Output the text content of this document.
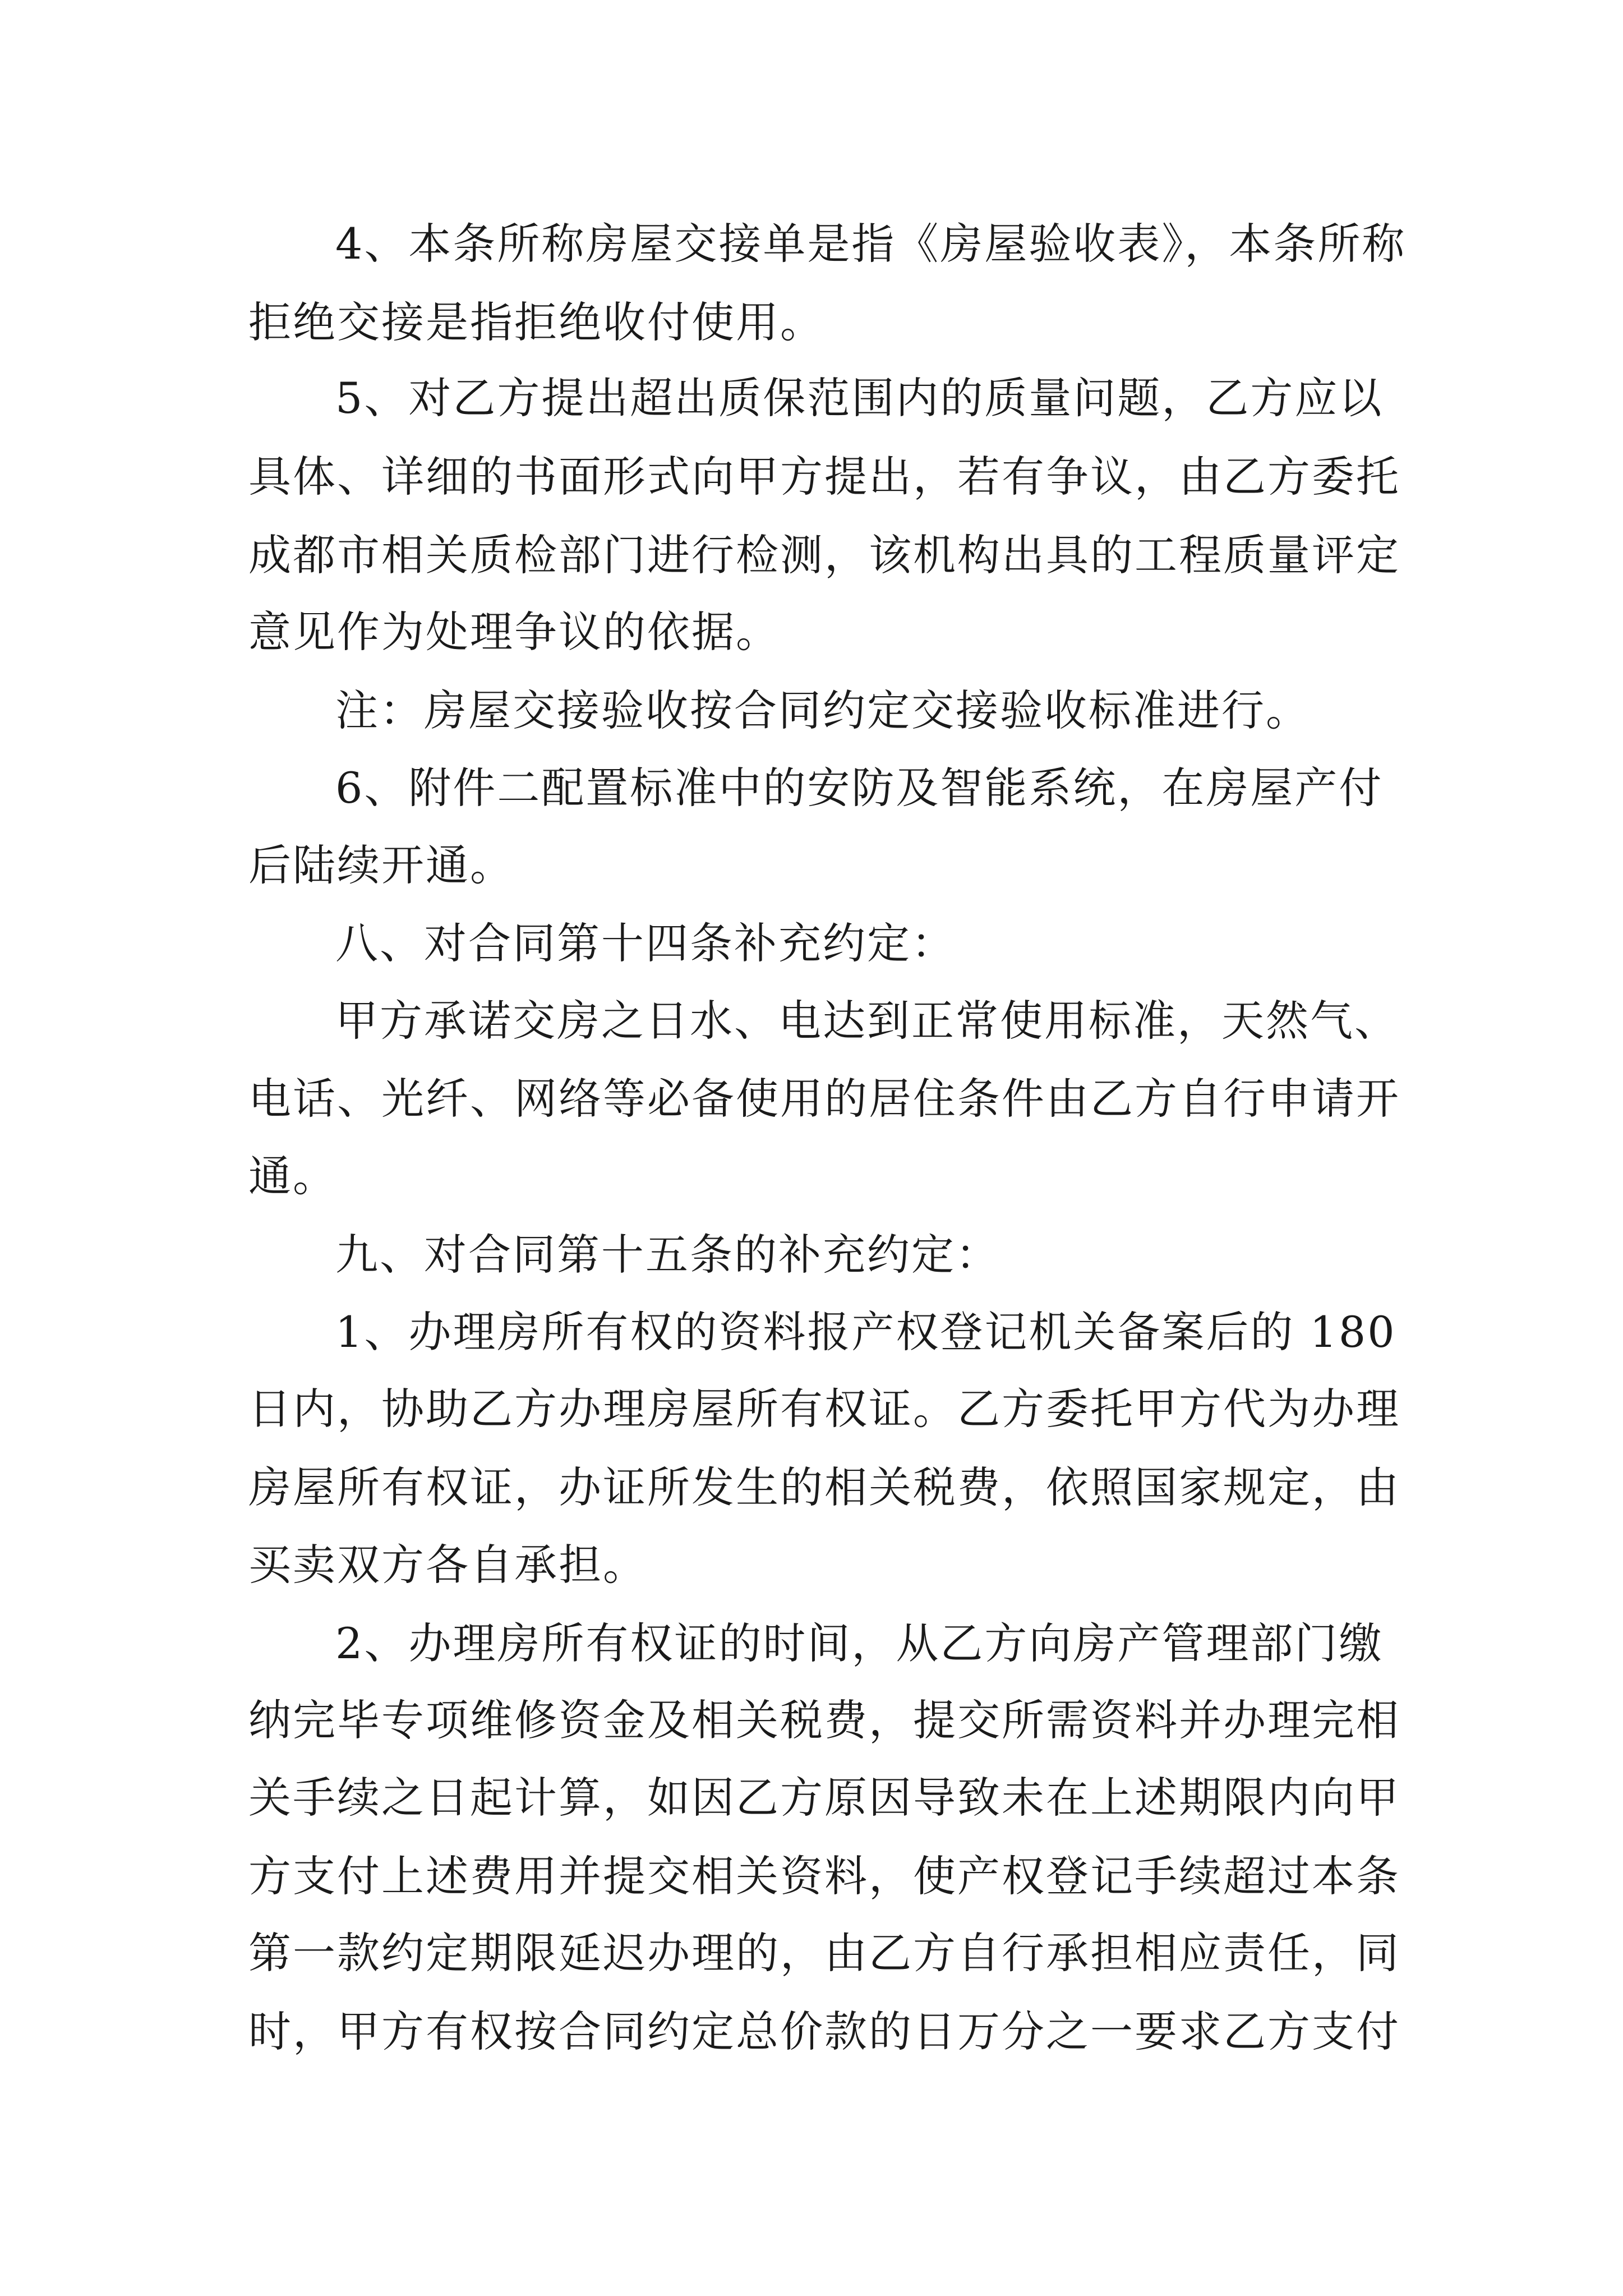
4、本条所称房屋交接单是指《房屋验收表》，本条所称
拒绝交接是指拒绝收付使用。
5、对乙方提出超出质保范围内的质量问题，乙方应以
具体、详细的书面形式向甲方提出，若有争议，由乙方委托
成都市相关质检部门进行检测，该机构出具的工程质量评定
意见作为处理争议的依据。
注：房屋交接验收按合同约定交接验收标准进行。
6、附件二配置标准中的安防及智能系统，在房屋产付
后陆续开通。
八、对合同第十四条补充约定：
甲方承诺交房之日水、电达到正常使用标准，天然气、
电话、光纤、网络等必备使用的居住条件由乙方自行申请开
通。
九、对合同第十五条的补充约定：
1、办理房所有权的资料报产权登记机关备案后的 180
日内，协助乙方办理房屋所有权证。乙方委托甲方代为办理
房屋所有权证，办证所发生的相关税费，依照国家规定，由
买卖双方各自承担。
2、办理房所有权证的时间，从乙方向房产管理部门缴
纳完毕专项维修资金及相关税费，提交所需资料并办理完相
关手续之日起计算，如因乙方原因导致未在上述期限内向甲
方支付上述费用并提交相关资料，使产权登记手续超过本条
第一款约定期限延迟办理的，由乙方自行承担相应责任，同
时，甲方有权按合同约定总价款的日万分之一要求乙方支付
